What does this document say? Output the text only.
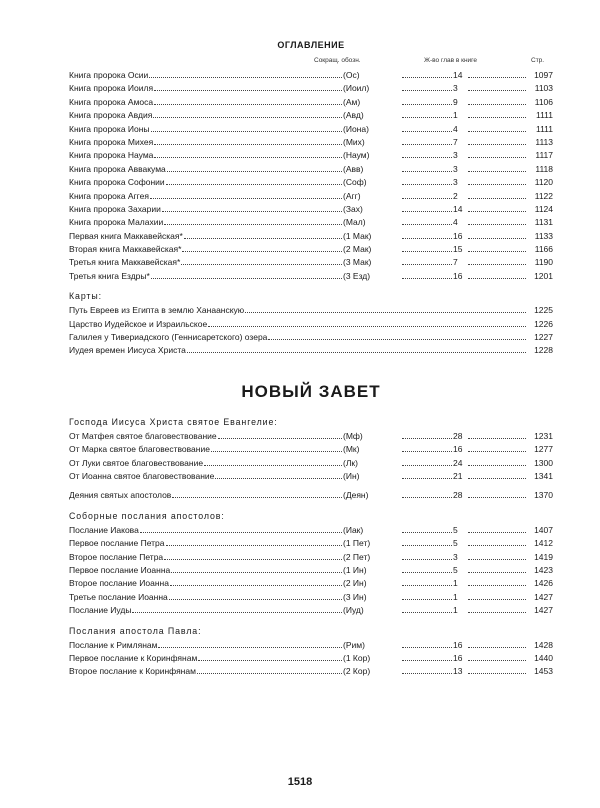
ОГЛАВЛЕНИЕ
Сокращ. обозн.	Ж-во глав в книге	Стр.
Книга пророка Осии	(Ос)	14	1097
Книга пророка Иоиля	(Иоил)	3	1103
Книга пророка Амоса	(Ам)	9	1106
Книга пророка Авдия	(Авд)	1	1111
Книга пророка Ионы	(Иона)	4	1111
Книга пророка Михея	(Мих)	7	1113
Книга пророка Наума	(Наум)	3	1117
Книга пророка Аввакума	(Авв)	3	1118
Книга пророка Софонии	(Соф)	3	1120
Книга пророка Аггея	(Агг)	2	1122
Книга пророка Захарии	(Зах)	14	1124
Книга пророка Малахии	(Мал)	4	1131
Первая книга Маккавейская*	(1 Мак)	16	1133
Вторая книга Маккавейская*	(2 Мак)	15	1166
Третья книга Маккавейская*	(3 Мак)	7	1190
Третья книга Ездры*	(3 Езд)	16	1201
Карты:
Путь Евреев из Египта в землю Ханаанскую	1225
Царство Иудейское и Израильское	1226
Галилея у Тивериадского (Геннисаретского) озера	1227
Иудея времен Иисуса Христа	1228
НОВЫЙ ЗАВЕТ
Господа Иисуса Христа святое Евангелие:
От Матфея святое благовествование	(Мф)	28	1231
От Марка святое благовествование	(Мк)	16	1277
От Луки святое благовествование	(Лк)	24	1300
От Иоанна святое благовествование	(Ин)	21	1341
Деяния святых апостолов	(Деян)	28	1370
Соборные послания апостолов:
Послание Иакова	(Иак)	5	1407
Первое послание Петра	(1 Пет)	5	1412
Второе послание Петра	(2 Пет)	3	1419
Первое послание Иоанна	(1 Ин)	5	1423
Второе послание Иоанна	(2 Ин)	1	1426
Третье послание Иоанна	(3 Ин)	1	1427
Послание Иуды	(Иуд)	1	1427
Послания апостола Павла:
Послание к Римлянам	(Рим)	16	1428
Первое послание к Коринфянам	(1 Кор)	16	1440
Второе послание к Коринфянам	(2 Кор)	13	1453
1518
